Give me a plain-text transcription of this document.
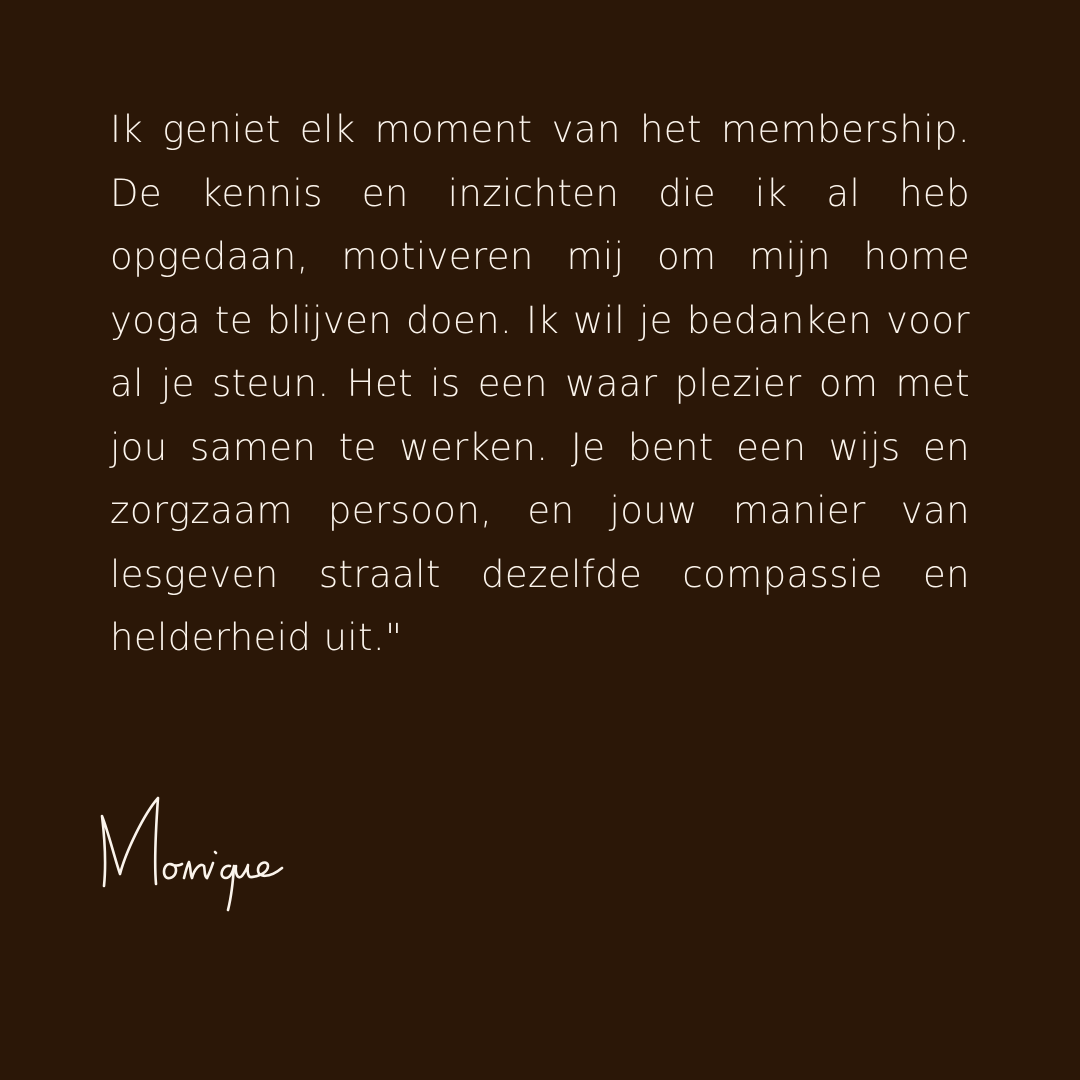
Ik geniet elk moment van het membership. De kennis en inzichten die ik al heb opgedaan, motiveren mij om mijn home yoga te blijven doen. Ik wil je bedanken voor al je steun. Het is een waar plezier om met jou samen te werken. Je bent een wijs en zorgzaam persoon, en jouw manier van lesgeven straalt dezelfde compassie en helderheid uit."
